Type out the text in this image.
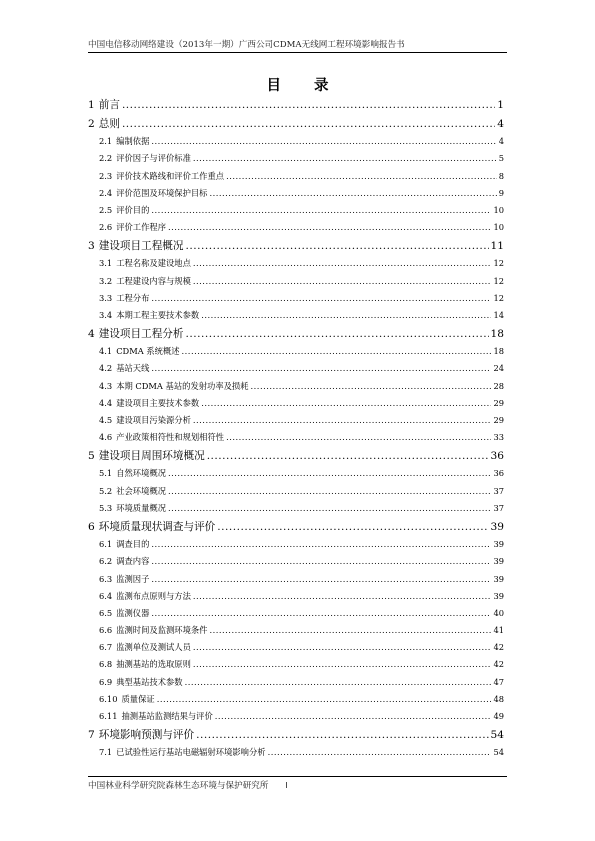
中国电信移动网络建设（2013年一期）广西公司CDMA无线网工程环境影响报告书
目 录
1 前言 .....	1
2 总则 .....	4
2.1 编制依据 .....	4
2.2 评价因子与评价标准 .....	5
2.3 评价技术路线和评价工作重点 .....	8
2.4 评价范围及环境保护目标 .....	9
2.5 评价目的 .....	10
2.6 评价工作程序 .....	10
3 建设项目工程概况 .....	11
3.1 工程名称及建设地点 .....	12
3.2 工程建设内容与规模 .....	12
3.3 工程分布 .....	12
3.4 本期工程主要技术参数 .....	14
4 建设项目工程分析 .....	18
4.1 CDMA 系统概述 .....	18
4.2 基站天线 .....	24
4.3 本期 CDMA 基站的发射功率及损耗 .....	28
4.4 建设项目主要技术参数 .....	29
4.5 建设项目污染源分析 .....	29
4.6 产业政策相符性和规划相符性 .....	33
5 建设项目周围环境概况 .....	36
5.1 自然环境概况 .....	36
5.2 社会环境概况 .....	37
5.3 环境质量概况 .....	37
6 环境质量现状调查与评价 .....	39
6.1 调查目的 .....	39
6.2 调查内容 .....	39
6.3 监测因子 .....	39
6.4 监测布点原则与方法 .....	39
6.5 监测仪器 .....	40
6.6 监测时间及监测环境条件 .....	41
6.7 监测单位及测试人员 .....	42
6.8 抽测基站的选取原则 .....	42
6.9 典型基站技术参数 .....	47
6.10 质量保证 .....	48
6.11 抽测基站监测结果与评价 .....	49
7 环境影响预测与评价 .....	54
7.1 已试验性运行基站电磁辐射环境影响分析 .....	54
中国林业科学研究院森林生态环境与保护研究所 I
